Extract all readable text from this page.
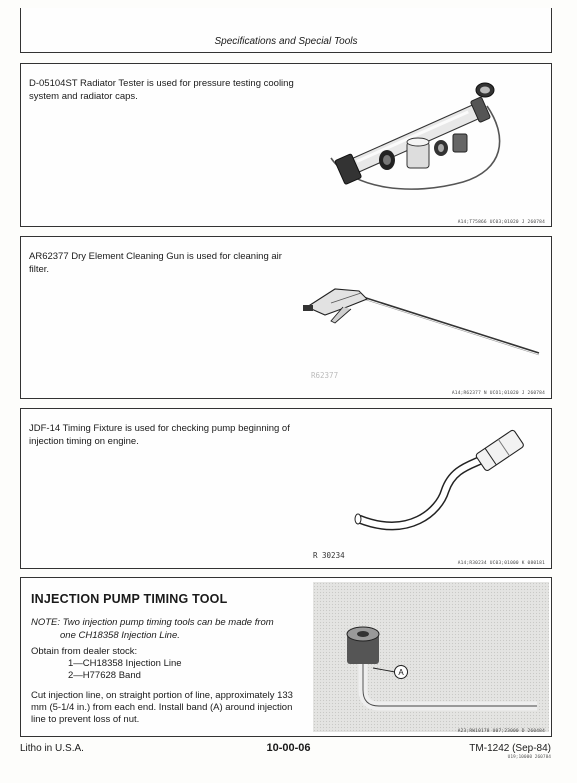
Specifications and Special Tools
D-05104ST Radiator Tester is used for pressure testing cooling system and radiator caps.
A14;T75866 UC03;01020 J 260784
AR62377 Dry Element Cleaning Gun is used for cleaning air filter.
R62377
A14;R62377 N UCO1;01020 J 260784
JDF-14 Timing Fixture is used for checking pump beginning of injection timing on engine.
R 30234
A14;R30234 UC03;01000 K 080181
INJECTION PUMP TIMING TOOL
NOTE: Two injection pump timing tools can be made from
one CH18358 Injection Line.
Obtain from dealer stock:
1—CH18358 Injection Line
2—H77628 Band
Cut injection line, on straight portion of line, approximately 133 mm (5-1/4 in.) from each end. Install band (A) around injection line to prevent loss of nut.
A
A23;RW10178 U07;23000 D 260484
Litho in U.S.A.	10-00-06	TM-1242 (Sep-84)
U19;10000 260784
